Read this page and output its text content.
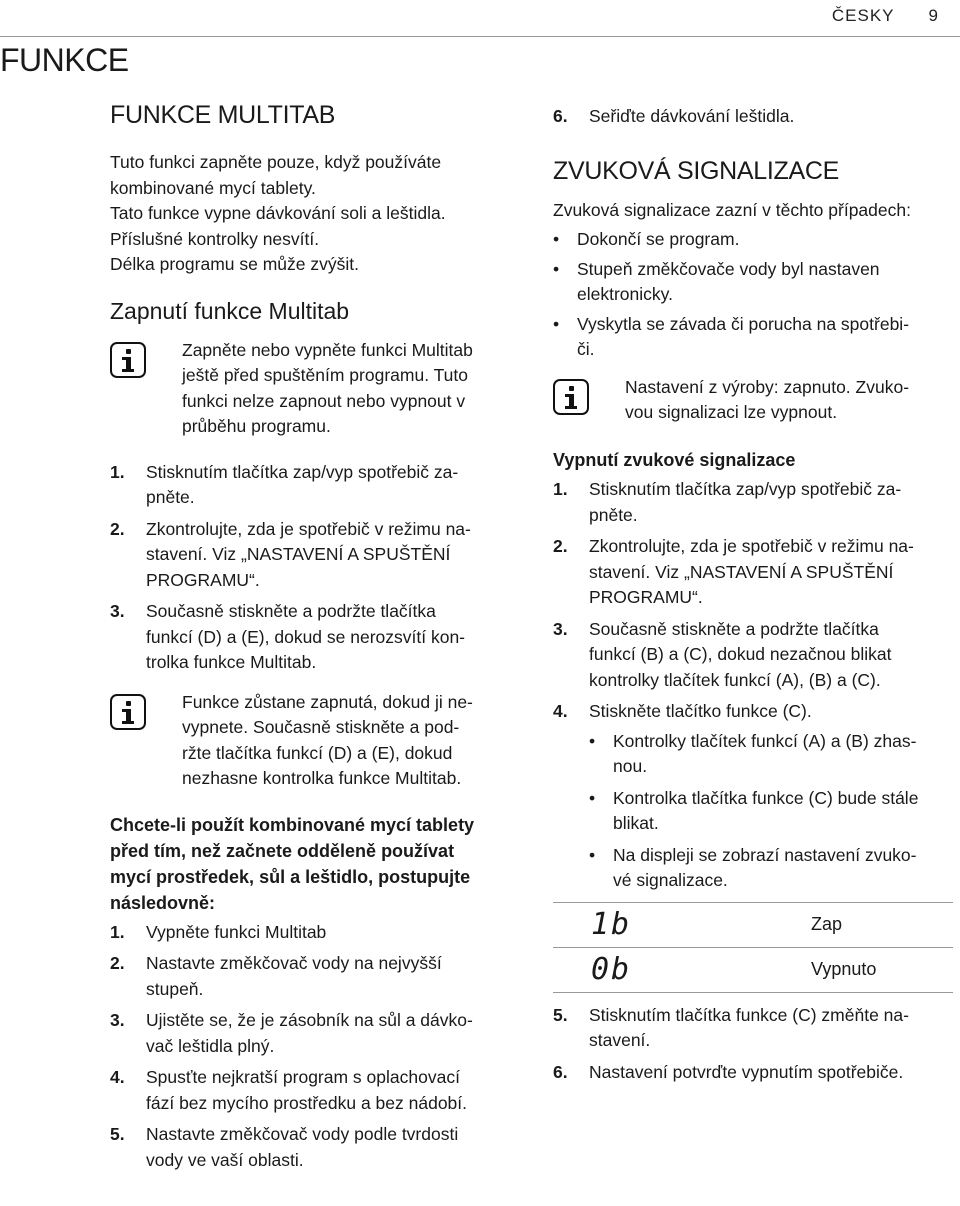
ČESKY 9
FUNKCE
FUNKCE MULTITAB

Tuto funkci zapněte pouze, když používáte

kombinované mycí tablety.

Tato funkce vypne dávkování soli a leštidla.

Příslušné kontrolky nesvítí.

Délka programu se může zvýšit.

Zapnutí funkce Multitab

Zapněte nebo vypněte funkci Multitab

ještě před spuštěním programu. Tuto

funkci nelze zapnout nebo vypnout v

průběhu programu.

1. Stisknutím tlačítka zap/vyp spotřebič za-

pněte.

2. Zkontrolujte, zda je spotřebič v režimu na-

stavení. Viz „NASTAVENÍ A SPUŠTĚNÍ

PROGRAMU“.

3. Současně stiskněte a podržte tlačítka

funkcí (D) a (E), dokud se nerozsvítí kon-

trolka funkce Multitab.

Funkce zůstane zapnutá, dokud ji ne-

vypnete. Současně stiskněte a pod-

ržte tlačítka funkcí (D) a (E), dokud

nezhasne kontrolka funkce Multitab.

Chcete-li použít kombinované mycí tablety

před tím, než začnete odděleně používat

mycí prostředek, sůl a leštidlo, postupujte

následovně:

1. Vypněte funkci Multitab

2. Nastavte změkčovač vody na nejvyšší

stupeň.

3. Ujistěte se, že je zásobník na sůl a dávko-

vač leštidla plný.

4. Spusťte nejkratší program s oplachovací

fází bez mycího prostředku a bez nádobí.

5. Nastavte změkčovač vody podle tvrdosti

vody ve vaší oblasti.

6. Seřiďte dávkování leštidla.

ZVUKOVÁ SIGNALIZACE

Zvuková signalizace zazní v těchto případech:

• Dokončí se program.

• Stupeň změkčovače vody byl nastaven

elektronicky.

• Vyskytla se závada či porucha na spotřebi-

či.

Nastavení z výroby: zapnuto. Zvuko-

vou signalizaci lze vypnout.

Vypnutí zvukové signalizace
1. Stisknutím tlačítka zap/vyp spotřebič za-

pněte.

2. Zkontrolujte, zda je spotřebič v režimu na-

stavení. Viz „NASTAVENÍ A SPUŠTĚNÍ

PROGRAMU“.

3. Současně stiskněte a podržte tlačítka

funkcí (B) a (C), dokud nezačnou blikat

kontrolky tlačítek funkcí (A), (B) a (C).

4. Stiskněte tlačítko funkce (C).

• Kontrolky tlačítek funkcí (A) a (B) zhas-

nou.

• Kontrolka tlačítka funkce (C) bude stále

blikat.

• Na displeji se zobrazí nastavení zvuko-

vé signalizace.

1b	Zap
0b	Vypnuto
5. Stisknutím tlačítka funkce (C) změňte na-

stavení.

6. Nastavení potvrďte vypnutím spotřebiče.
